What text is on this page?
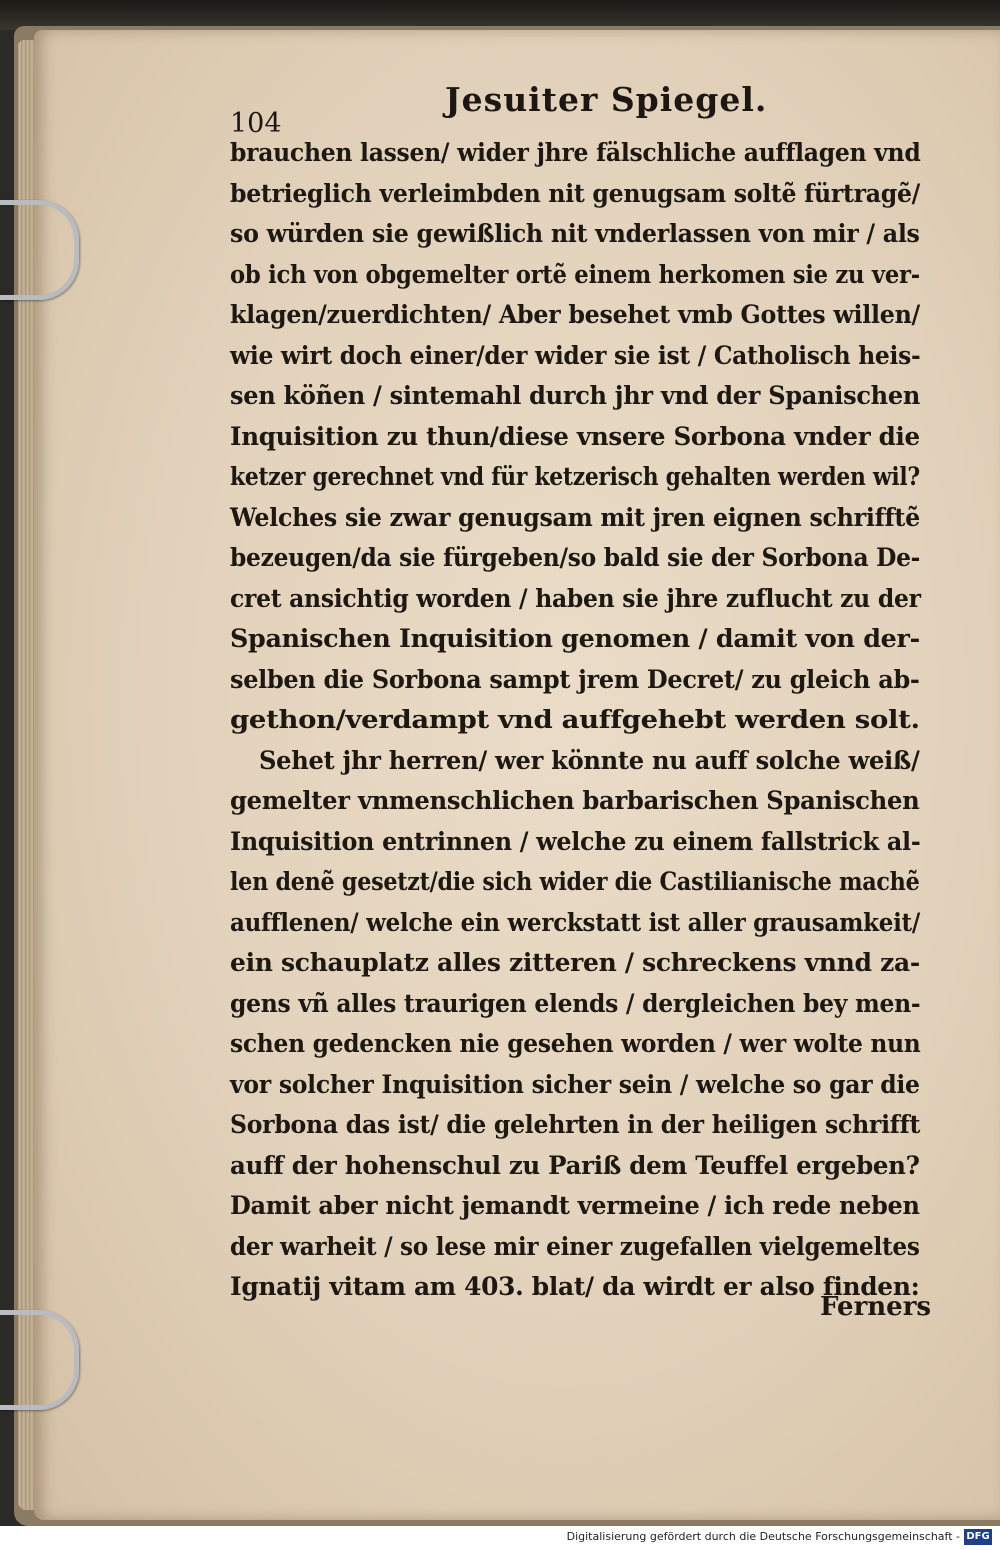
104
Jesuiter Spiegel.
brauchen lassen/ wider jhre fälschliche aufflagen vnd
betrieglich verleimbden nit genugsam soltẽ fürtragẽ/
so würden sie gewißlich nit vnderlassen von mir / als
ob ich von obgemelter ortẽ einem herkomen sie zu ver-
klagen/zuerdichten/ Aber besehet vmb Gottes willen/
wie wirt doch einer/der wider sie ist / Catholisch heis-
sen köñen / sintemahl durch jhr vnd der Spanischen
Inquisition zu thun/diese vnsere Sorbona vnder die
ketzer gerechnet vnd für ketzerisch gehalten werden wil?
Welches sie zwar genugsam mit jren eignen schrifftẽ
bezeugen/da sie fürgeben/so bald sie der Sorbona De-
cret ansichtig worden / haben sie jhre zuflucht zu der
Spanischen Inquisition genomen / damit von der-
selben die Sorbona sampt jrem Decret/ zu gleich ab-
gethon/verdampt vnd auffgehebt werden solt.
Sehet jhr herren/ wer könnte nu auff solche weiß/
gemelter vnmenschlichen barbarischen Spanischen
Inquisition entrinnen / welche zu einem fallstrick al-
len denẽ gesetzt/die sich wider die Castilianische machẽ
aufflenen/ welche ein werckstatt ist aller grausamkeit/
ein schauplatz alles zitteren / schreckens vnnd za-
gens vñ alles traurigen elends / dergleichen bey men-
schen gedencken nie gesehen worden / wer wolte nun
vor solcher Inquisition sicher sein / welche so gar die
Sorbona das ist/ die gelehrten in der heiligen schrifft
auff der hohenschul zu Pariß dem Teuffel ergeben?
Damit aber nicht jemandt vermeine / ich rede neben
der warheit / so lese mir einer zugefallen vielgemeltes
Ignatij vitam am 403. blat/ da wirdt er also finden:
Ferners
Digitalisierung gefördert durch die Deutsche Forschungsgemeinschaft - DFG
